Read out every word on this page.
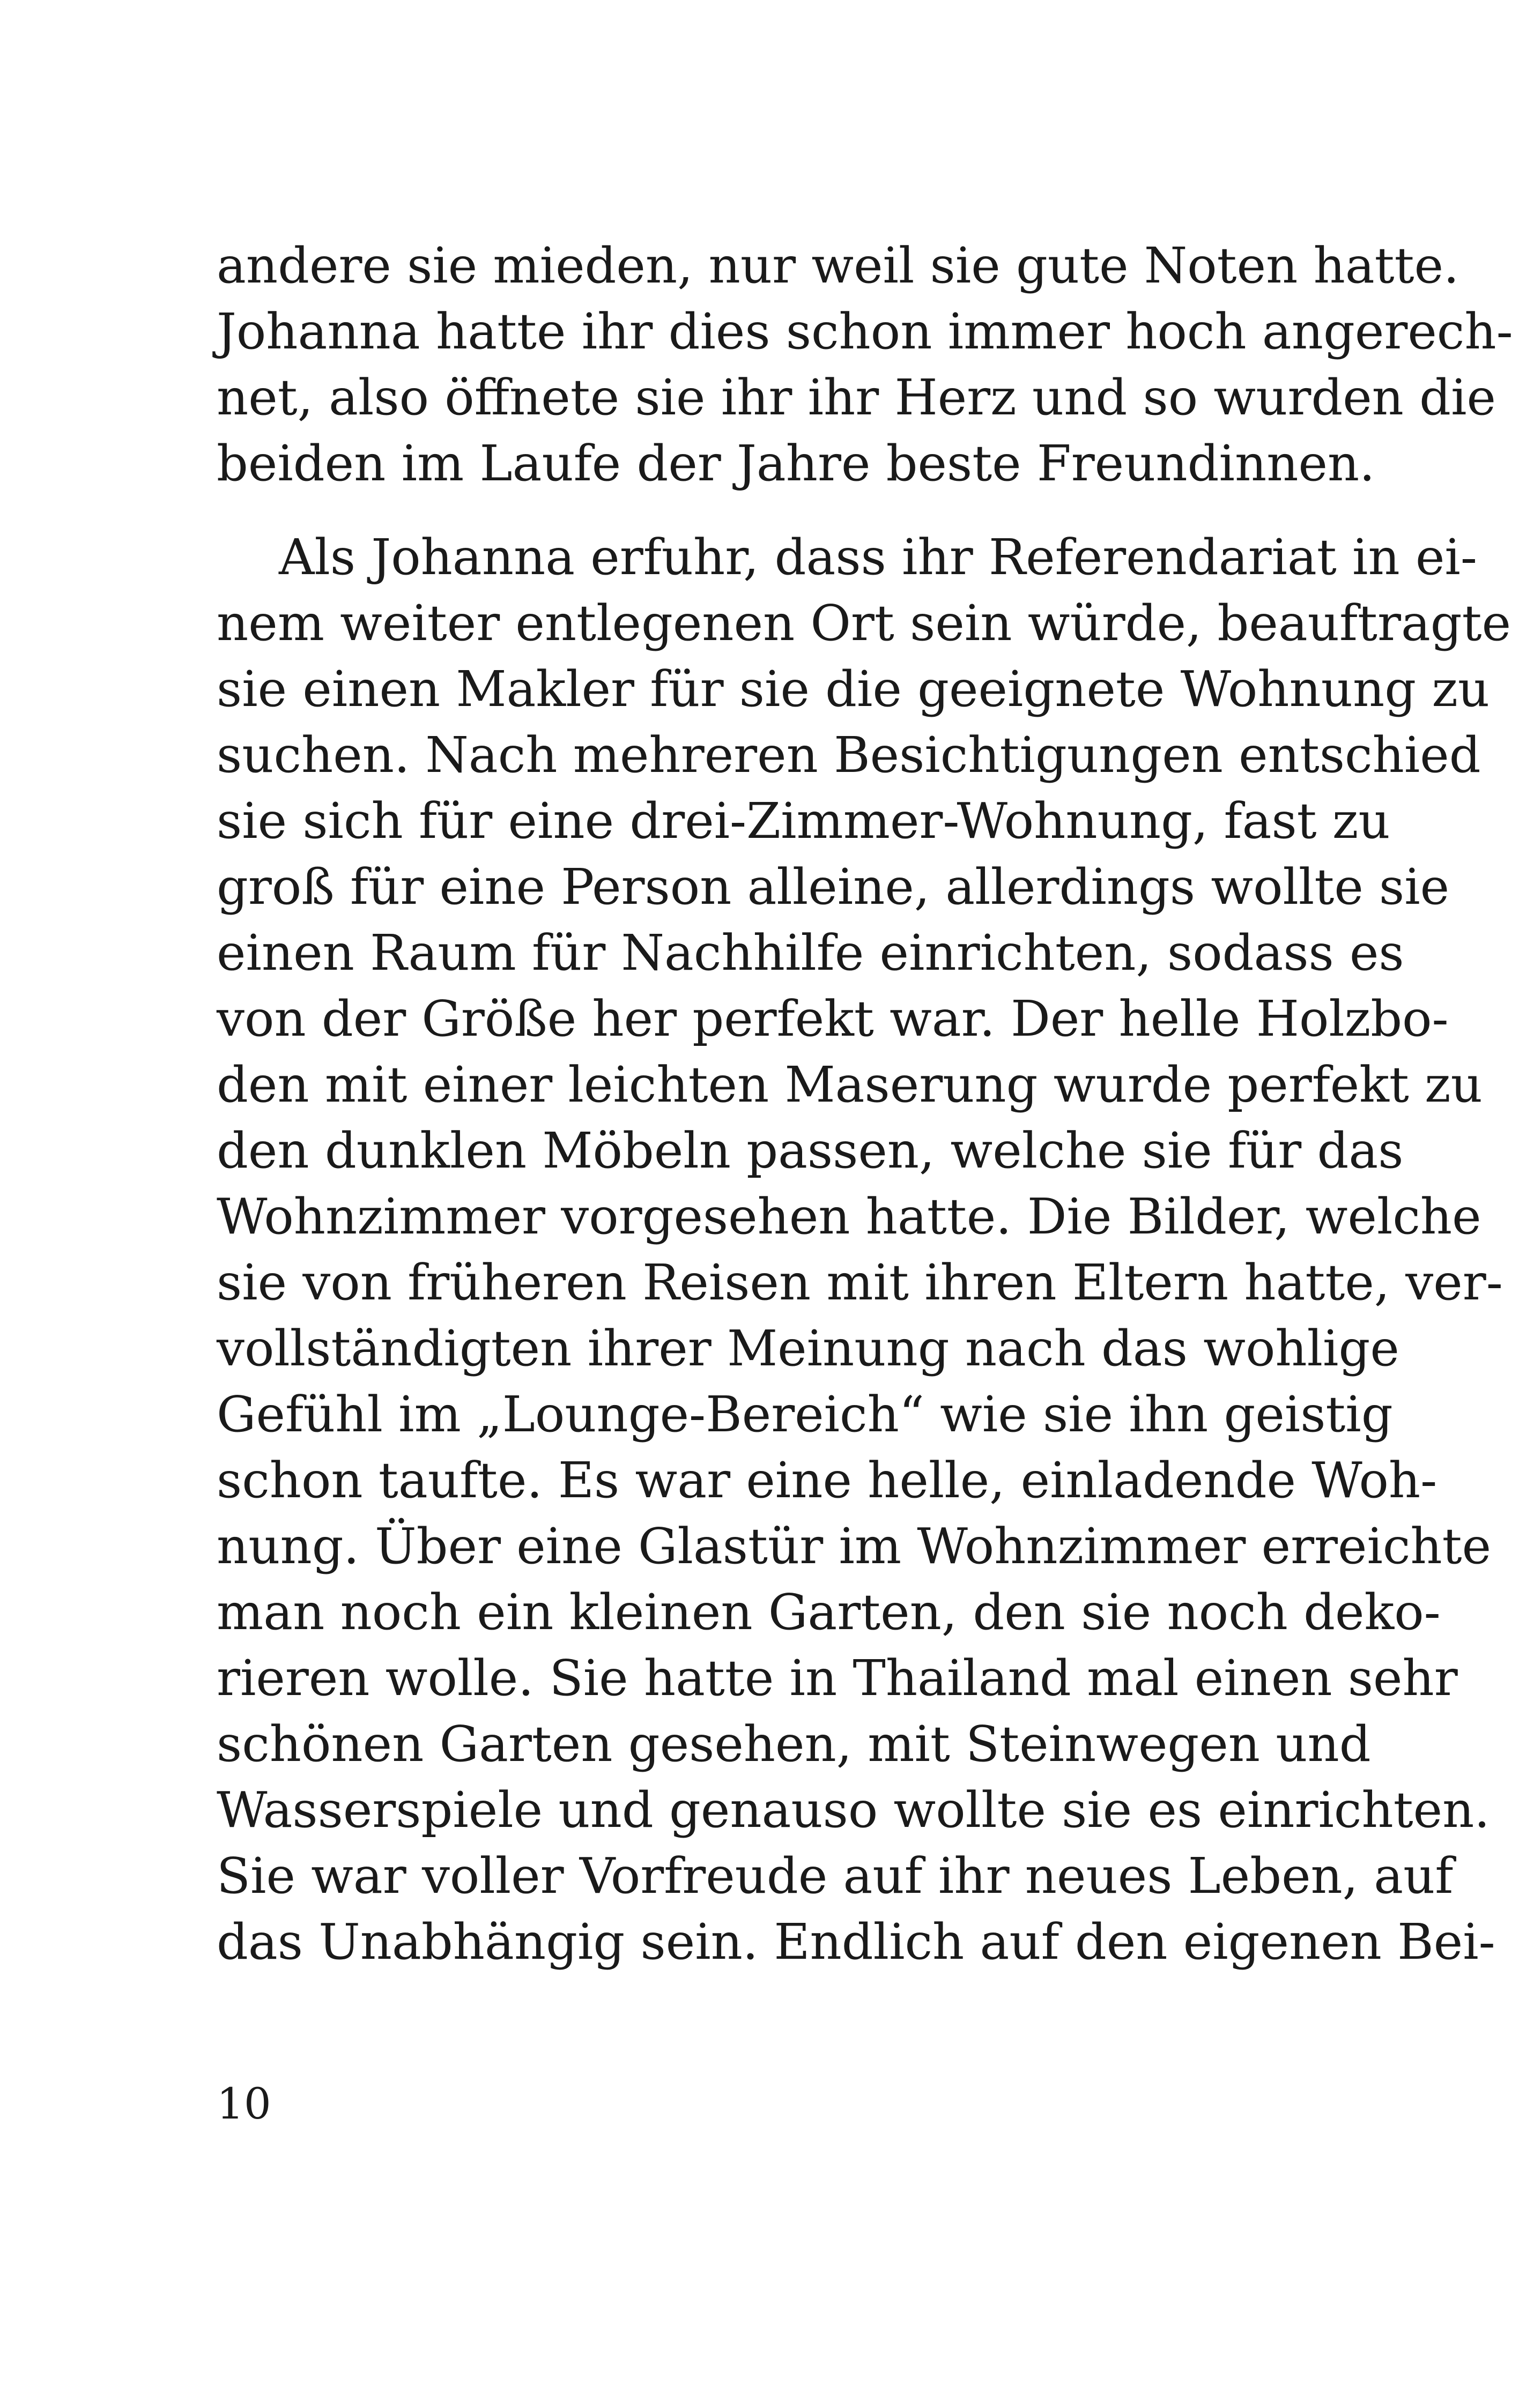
andere sie mieden, nur weil sie gute Noten hatte.
Johanna hatte ihr dies schon immer hoch angerech-
net, also öffnete sie ihr ihr Herz und so wurden die
beiden im Laufe der Jahre beste Freundinnen.
Als Johanna erfuhr, dass ihr Referendariat in ei-
nem weiter entlegenen Ort sein würde, beauftragte
sie einen Makler für sie die geeignete Wohnung zu
suchen. Nach mehreren Besichtigungen entschied
sie sich für eine drei-Zimmer-Wohnung, fast zu
groß für eine Person alleine, allerdings wollte sie
einen Raum für Nachhilfe einrichten, sodass es
von der Größe her perfekt war. Der helle Holzbo-
den mit einer leichten Maserung wurde perfekt zu
den dunklen Möbeln passen, welche sie für das
Wohnzimmer vorgesehen hatte. Die Bilder, welche
sie von früheren Reisen mit ihren Eltern hatte, ver-
vollständigten ihrer Meinung nach das wohlige
Gefühl im „Lounge-Bereich“ wie sie ihn geistig
schon taufte. Es war eine helle, einladende Woh-
nung. Über eine Glastür im Wohnzimmer erreichte
man noch ein kleinen Garten, den sie noch deko-
rieren wolle. Sie hatte in Thailand mal einen sehr
schönen Garten gesehen, mit Steinwegen und
Wasserspiele und genauso wollte sie es einrichten.
Sie war voller Vorfreude auf ihr neues Leben, auf
das Unabhängig sein. Endlich auf den eigenen Bei-
10
